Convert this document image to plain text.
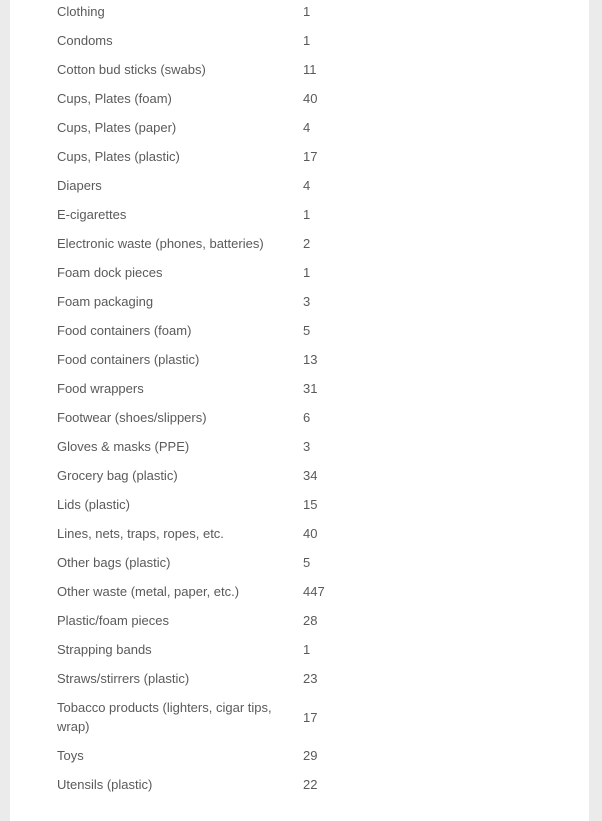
Clothing	1
Condoms	1
Cotton bud sticks (swabs)	11
Cups, Plates (foam)	40
Cups, Plates (paper)	4
Cups, Plates (plastic)	17
Diapers	4
E-cigarettes	1
Electronic waste (phones, batteries)	2
Foam dock pieces	1
Foam packaging	3
Food containers (foam)	5
Food containers (plastic)	13
Food wrappers	31
Footwear (shoes/slippers)	6
Gloves & masks (PPE)	3
Grocery bag (plastic)	34
Lids (plastic)	15
Lines, nets, traps, ropes, etc.	40
Other bags (plastic)	5
Other waste (metal, paper, etc.)	447
Plastic/foam pieces	28
Strapping bands	1
Straws/stirrers (plastic)	23
Tobacco products (lighters, cigar tips, wrap)	17
Toys	29
Utensils (plastic)	22
